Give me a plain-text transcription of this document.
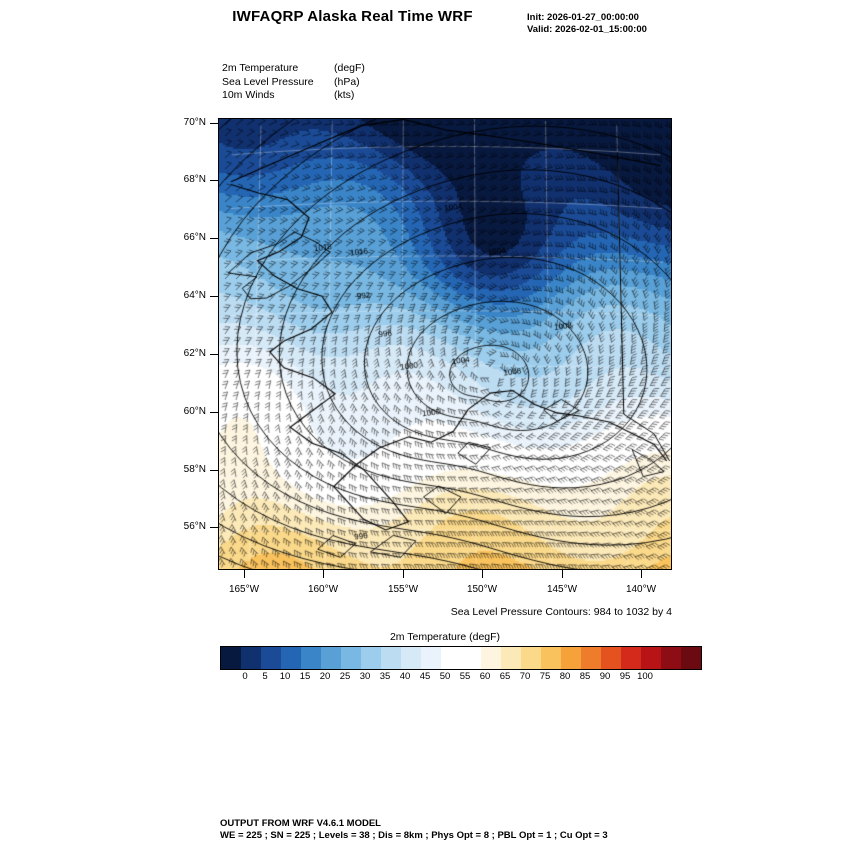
IWFAQRP Alaska Real Time WRF	Init: 2026-01-27_00:00:00
Valid: 2026-02-01_15:00:00
2m Temperature	(degF)
Sea Level Pressure (hPa)
10m Winds	(kts)
70°N
68°N
66°N
64°N
62°N
60°N
58°N
56°N
165°W	160°W	155°W	150°W	145°W	140°W
Sea Level Pressure Contours: 984 to 1032 by 4
2m Temperature (degF)
0 5 10 15 20 25 30 35 40 45 50 55 60 65 70 75 80 85 90 95 100
OUTPUT FROM WRF V4.6.1 MODEL
WE = 225 ; SN = 225 ; Levels = 38 ; Dis = 8km ; Phys Opt = 8 ; PBL Opt = 1 ; Cu Opt = 3
